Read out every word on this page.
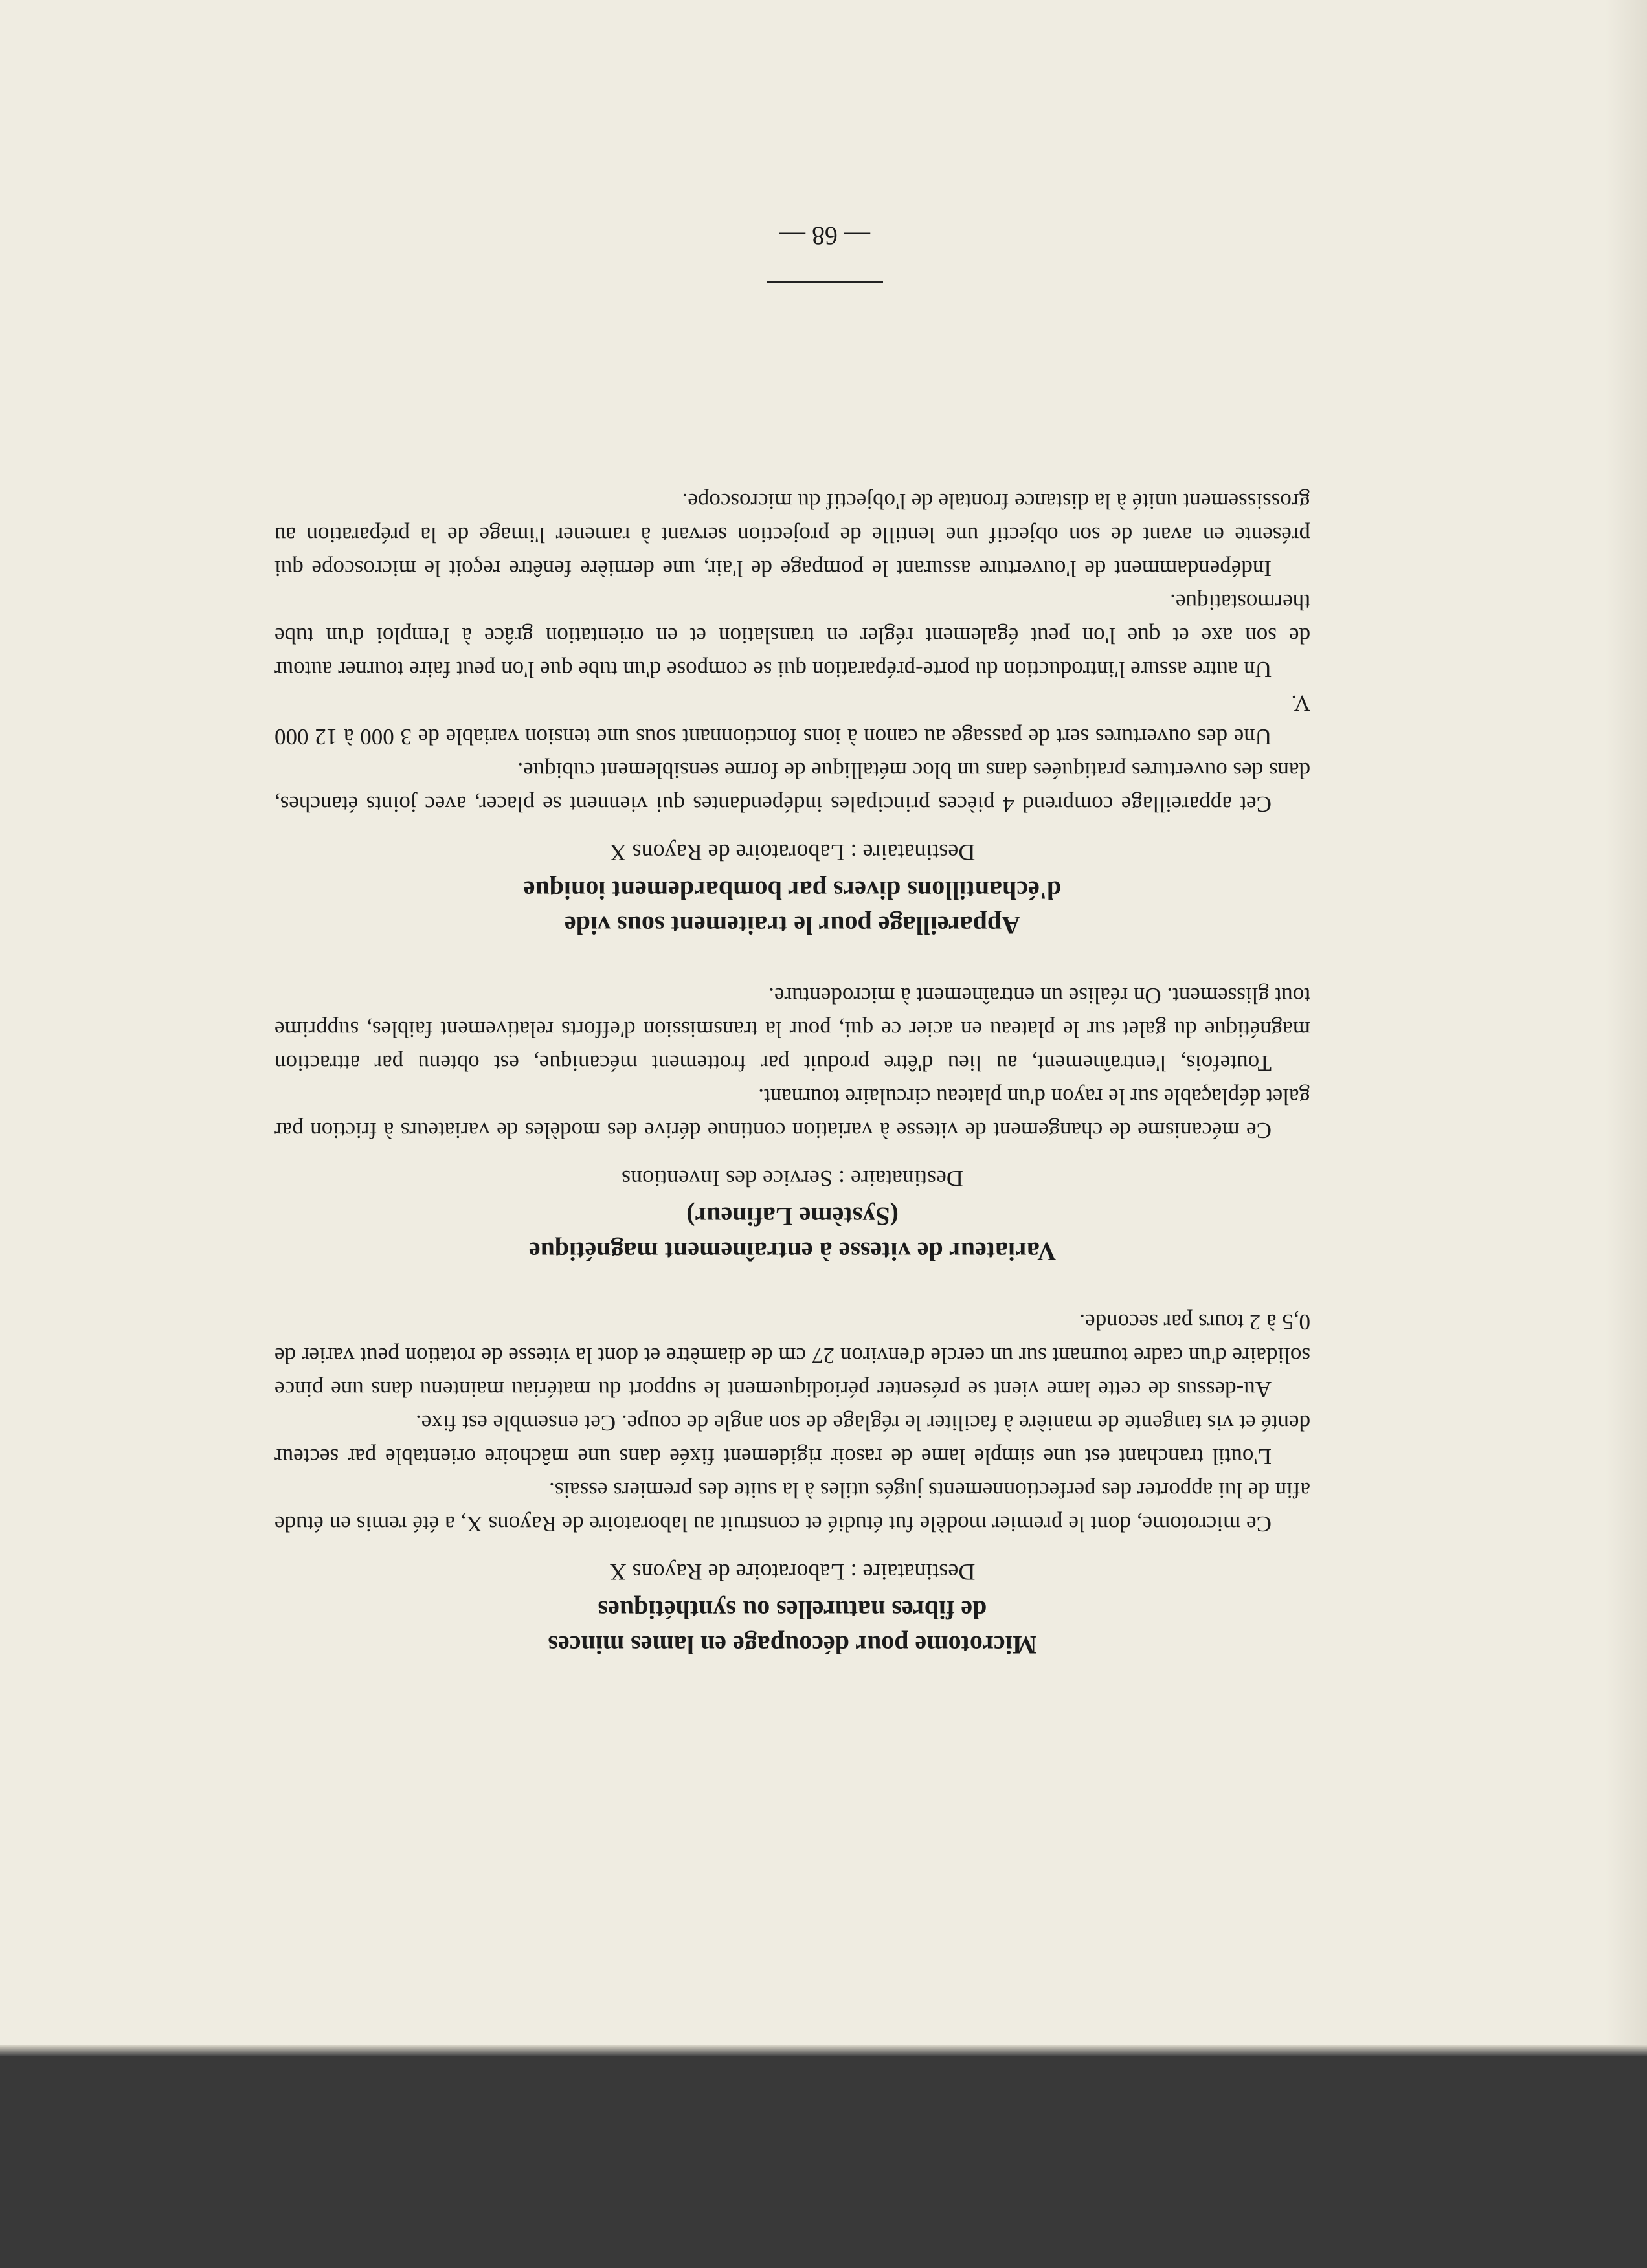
Microtome pour découpage en lames minces

de fibres naturelles ou synthétiques

Destinataire : Laboratoire de Rayons X

Ce microtome, dont le premier modèle fut étudié et construit au laboratoire de Rayons X, a été remis en étude afin de lui apporter des perfectionnements jugés utiles à la suite des premiers essais.

L'outil tranchant est une simple lame de rasoir rigidement fixée dans une mâchoire orientable par secteur denté et vis tangente de manière à faciliter le réglage de son angle de coupe. Cet ensemble est fixe.

Au-dessus de cette lame vient se présenter périodiquement le support du matériau maintenu dans une pince solidaire d'un cadre tournant sur un cercle d'environ 27 cm de diamètre et dont la vitesse de rotation peut varier de 0,5 à 2 tours par seconde.

Variateur de vitesse à entraînement magnétique

(Système Lafineur)

Destinataire : Service des Inventions

Ce mécanisme de changement de vitesse à variation continue dérive des modèles de variateurs à friction par galet déplaçable sur le rayon d'un plateau circulaire tournant.

Toutefois, l'entraînement, au lieu d'être produit par frottement mécanique, est obtenu par attraction magnétique du galet sur le plateau en acier ce qui, pour la transmission d'efforts relativement faibles, supprime tout glissement. On réalise un entraînement à microdenture.

Appareillage pour le traitement sous vide

d'échantillons divers par bombardement ionique

Destinataire : Laboratoire de Rayons X

Cet appareillage comprend 4 pièces principales indépendantes qui viennent se placer, avec joints étanches, dans des ouvertures pratiquées dans un bloc métallique de forme sensiblement cubique.

Une des ouvertures sert de passage au canon à ions fonctionnant sous une tension variable de 3 000 à 12 000 V.

Un autre assure l'introduction du porte-préparation qui se compose d'un tube que l'on peut faire tourner autour de son axe et que l'on peut également régler en translation et en orientation grâce à l'emploi d'un tube thermostatique.

Indépendamment de l'ouverture assurant le pompage de l'air, une dernière fenêtre reçoit le microscope qui présente en avant de son objectif une lentille de projection servant à ramener l'image de la préparation au grossissement unité à la distance frontale de l'objectif du microscope.

— 68 —
